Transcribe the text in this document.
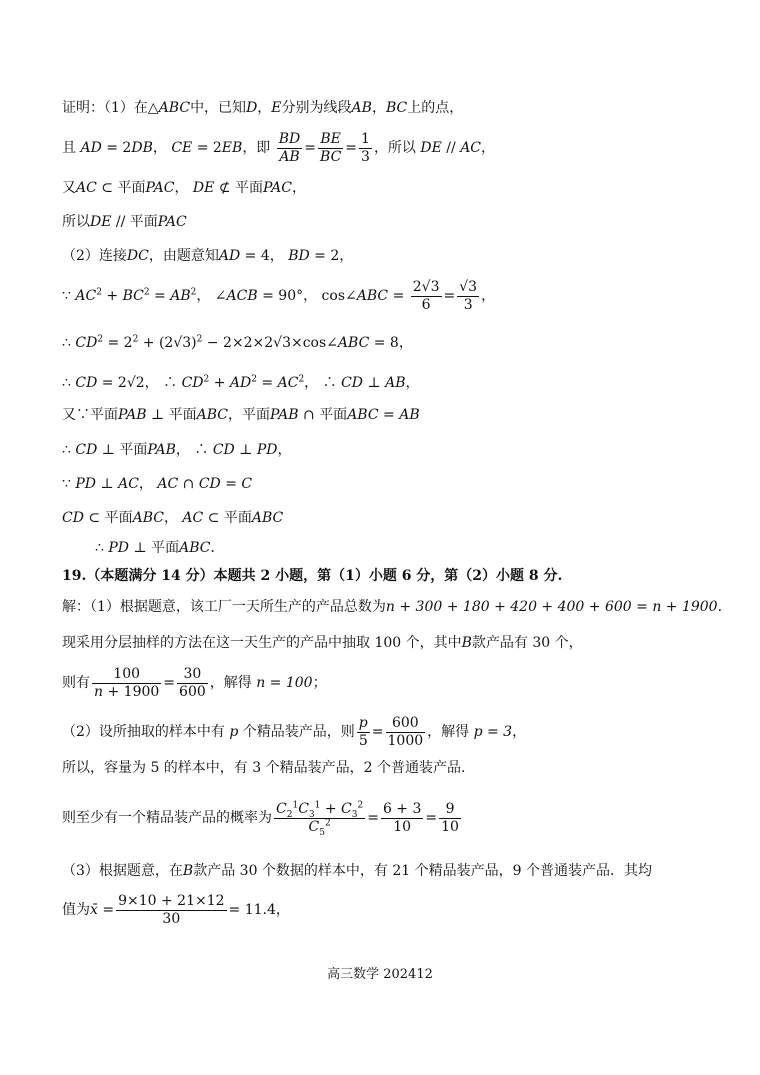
证明：（1）在△ABC中，已知D，E分别为线段AB，BC上的点，
且 AD = 2DB， CE = 2EB，即 $\frac{BD}{AB} = \frac{BE}{BC} = \frac{1}{3}$ ，所以 DE // AC，
又AC ⊂ 平面PAC， DE ⊄ 平面PAC，
所以DE // 平面PAC
（2）连接DC，由题意知AD = 4， BD = 2，
∵ $AC^2 + BC^2 = AB^2$， ∠ACB = 90°， cos∠ABC = $\frac{2√3}{6} = \frac{√3}{3}$ ，
∴ $CD^2 = 2^2 + (2√3)^2$ − 2×2×2√3×cos∠ABC = 8，
∴ CD = 2√2， ∴ $CD^2 + AD^2 = AC^2$， ∴ CD ⊥ AB，
又∵平面PAB ⊥ 平面ABC，平面PAB ∩ 平面ABC = AB
∴ CD ⊥ 平面PAB， ∴ CD ⊥ PD，
∵ PD ⊥ AC， AC ∩ CD = C
CD ⊂ 平面ABC， AC ⊂ 平面ABC
∴ PD ⊥ 平面ABC．
19.（本题满分 14 分）本题共 2 小题，第（1）小题 6 分，第（2）小题 8 分.
解：（1）根据题意，该工厂一天所生产的产品总数为n + 300 + 180 + 420 + 400 + 600 = n + 1900.
现采用分层抽样的方法在这一天生产的产品中抽取 100 个，其中B款产品有 30 个，
则有 $\frac{100}{n + 1900} = \frac{30}{600}$ ，解得 n = 100；
（2）设所抽取的样本中有 p 个精品装产品，则 $\frac{p}{5} = \frac{600}{1000}$ ，解得 p = 3，
所以，容量为 5 的样本中，有 3 个精品装产品，2 个普通装产品.
则至少有一个精品装产品的概率为 $\frac{C_2^1C_3^1 + C_3^2}{C_5^2} = \frac{6 + 3}{10} = \frac{9}{10}$
（3）根据题意，在B款产品 30 个数据的样本中，有 21 个精品装产品，9 个普通装产品．其均
值为x̄ = $\frac{9\times 10 + 21\times 12}{30} = 11.4$，
高三数学 202412
